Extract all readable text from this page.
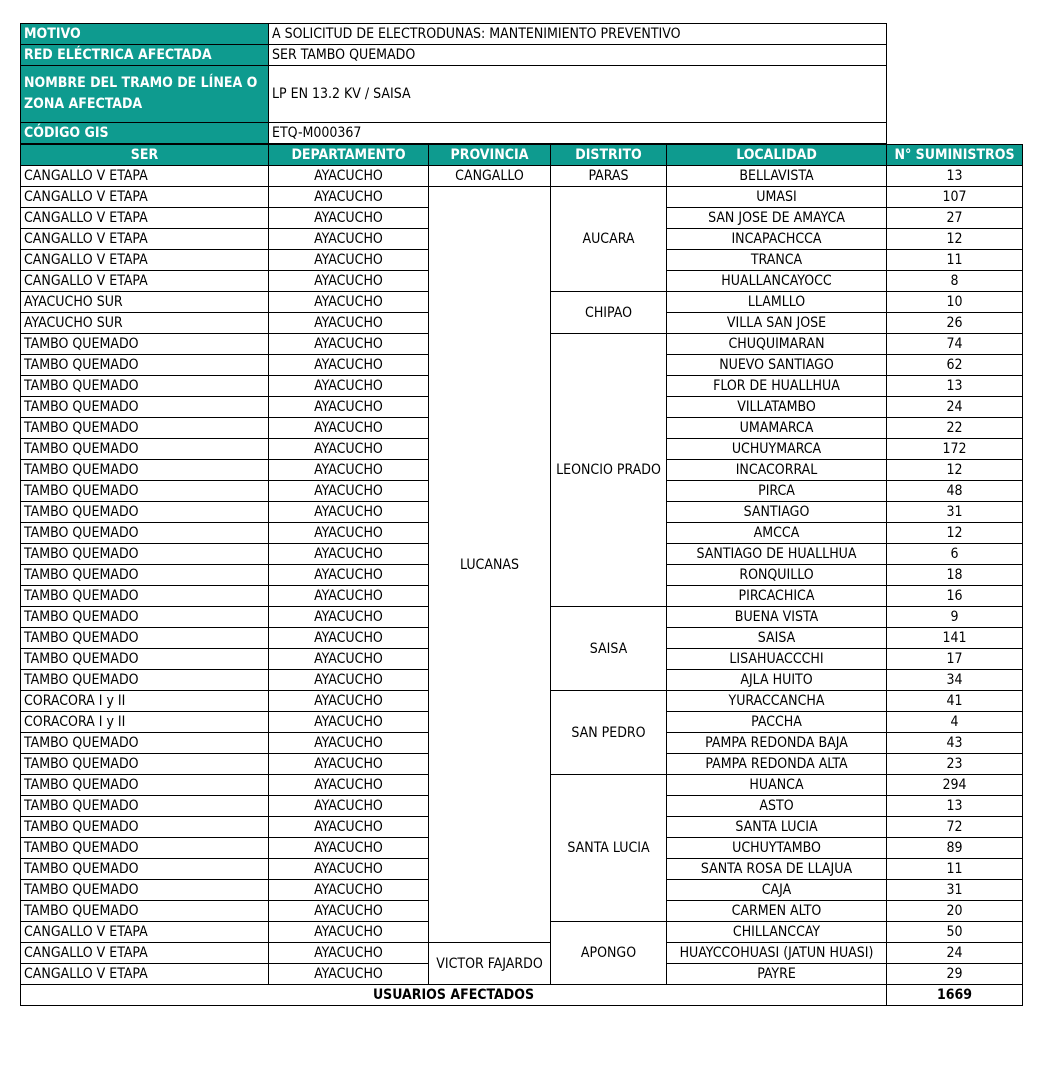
MOTIVO	A SOLICITUD DE ELECTRODUNAS: MANTENIMIENTO PREVENTIVO
RED ELÉCTRICA AFECTADA	SER TAMBO QUEMADO
NOMBRE DEL TRAMO DE LÍNEA O ZONA AFECTADA	LP EN 13.2 KV / SAISA
CÓDIGO GIS	ETQ-M000367
SER	DEPARTAMENTO	PROVINCIA	DISTRITO	LOCALIDAD	N° SUMINISTROS
CANGALLO V ETAPA	AYACUCHO	CANGALLO	PARAS	BELLAVISTA	13
CANGALLO V ETAPA	AYACUCHO	LUCANAS	AUCARA	UMASI	107
CANGALLO V ETAPA	AYACUCHO			SAN JOSE DE AMAYCA	27
CANGALLO V ETAPA	AYACUCHO			INCAPACHCCA	12
CANGALLO V ETAPA	AYACUCHO			TRANCA	11
CANGALLO V ETAPA	AYACUCHO			HUALLANCAYOCC	8
AYACUCHO SUR	AYACUCHO		CHIPAO	LLAMLLO	10
AYACUCHO SUR	AYACUCHO			VILLA SAN JOSE	26
TAMBO QUEMADO	AYACUCHO		LEONCIO PRADO	CHUQUIMARAN	74
TAMBO QUEMADO	AYACUCHO			NUEVO SANTIAGO	62
TAMBO QUEMADO	AYACUCHO			FLOR DE HUALLHUA	13
TAMBO QUEMADO	AYACUCHO			VILLATAMBO	24
TAMBO QUEMADO	AYACUCHO			UMAMARCA	22
TAMBO QUEMADO	AYACUCHO			UCHUYMARCA	172
TAMBO QUEMADO	AYACUCHO			INCACORRAL	12
TAMBO QUEMADO	AYACUCHO			PIRCA	48
TAMBO QUEMADO	AYACUCHO			SANTIAGO	31
TAMBO QUEMADO	AYACUCHO			AMCCA	12
TAMBO QUEMADO	AYACUCHO			SANTIAGO DE HUALLHUA	6
TAMBO QUEMADO	AYACUCHO			RONQUILLO	18
TAMBO QUEMADO	AYACUCHO			PIRCACHICA	16
TAMBO QUEMADO	AYACUCHO		SAISA	BUENA VISTA	9
TAMBO QUEMADO	AYACUCHO			SAISA	141
TAMBO QUEMADO	AYACUCHO			LISAHUACCCHI	17
TAMBO QUEMADO	AYACUCHO			AJLA HUITO	34
CORACORA I y II	AYACUCHO		SAN PEDRO	YURACCANCHA	41
CORACORA I y II	AYACUCHO			PACCHA	4
TAMBO QUEMADO	AYACUCHO			PAMPA REDONDA BAJA	43
TAMBO QUEMADO	AYACUCHO			PAMPA REDONDA ALTA	23
TAMBO QUEMADO	AYACUCHO		SANTA LUCIA	HUANCA	294
TAMBO QUEMADO	AYACUCHO			ASTO	13
TAMBO QUEMADO	AYACUCHO			SANTA LUCIA	72
TAMBO QUEMADO	AYACUCHO			UCHUYTAMBO	89
TAMBO QUEMADO	AYACUCHO			SANTA ROSA DE LLAJUA	11
TAMBO QUEMADO	AYACUCHO			CAJA	31
TAMBO QUEMADO	AYACUCHO			CARMEN ALTO	20
CANGALLO V ETAPA	AYACUCHO		APONGO	CHILLANCCAY	50
CANGALLO V ETAPA	AYACUCHO	VICTOR FAJARDO		HUAYCCOHUASI (JATUN HUASI)	24
CANGALLO V ETAPA	AYACUCHO			PAYRE	29
USUARIOS AFECTADOS					1669
